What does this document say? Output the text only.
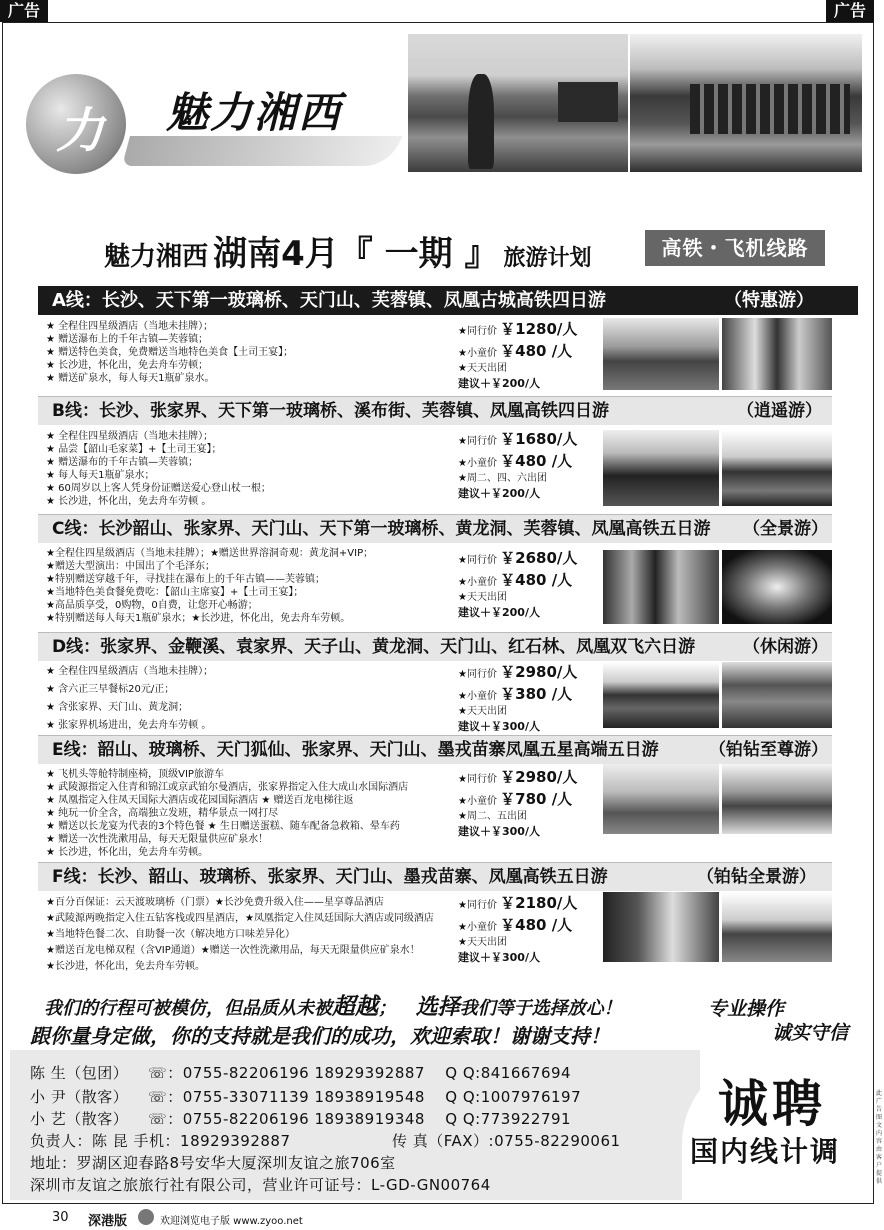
广告	广告
力 魅力湘西
魅力湘西 湖南4月『 一期 』 旅游计划	高铁・飞机线路
A线：长沙、天下第一玻璃桥、天门山、芙蓉镇、凤凰古城高铁四日游	（特惠游）
★ 全程住四星级酒店（当地未挂牌）；
★ 赠送瀑布上的千年古镇—芙蓉镇；
★ 赠送特色美食，免费赠送当地特色美食【土司王宴】；
★ 长沙进，怀化出，免去舟车劳顿；
★ 赠送矿泉水，每人每天1瓶矿泉水。
★同行价 ￥1280/人
★小童价 ￥480 /人
★天天出团
建议＋￥200/人
B线：长沙、张家界、天下第一玻璃桥、溪布街、芙蓉镇、凤凰高铁四日游	（逍遥游）
★ 全程住四星级酒店（当地未挂牌）；
★ 品尝【韶山毛家菜】+【土司王宴】；
★ 赠送瀑布的千年古镇—芙蓉镇；
★ 每人每天1瓶矿泉水；
★ 60周岁以上客人凭身份证赠送爱心登山杖一根；
★ 长沙进，怀化出，免去舟车劳顿 。
★同行价 ￥1680/人
★小童价 ￥480 /人
★周二、四、六出团
建议＋￥200/人
C线：长沙韶山、张家界、天门山、天下第一玻璃桥、黄龙洞、芙蓉镇、凤凰高铁五日游 （全景游）
★全程住四星级酒店（当地未挂牌）；★赠送世界溶洞奇观：黄龙洞+VIP；
★赠送大型演出：中国出了个毛泽东；
★特别赠送穿越千年，寻找挂在瀑布上的千年古镇——芙蓉镇；
★当地特色美食餐免费吃：【韶山主席宴】+【土司王宴】；
★高品质享受，0购物，0自费，让您开心畅游；
★特别赠送每人每天1瓶矿泉水；★长沙进，怀化出，免去舟车劳顿。
★同行价 ￥2680/人
★小童价 ￥480 /人
★天天出团
建议＋￥200/人
D线：张家界、金鞭溪、袁家界、天子山、黄龙洞、天门山、红石林、凤凰双飞六日游	（休闲游）
★ 全程住四星级酒店（当地未挂牌）；
★ 含六正三早餐标20元/正；
★ 含张家界、天门山、黄龙洞；
★ 张家界机场进出，免去舟车劳顿 。
★同行价 ￥2980/人
★小童价 ￥380 /人
★天天出团
建议＋￥300/人
E线：韶山、玻璃桥、天门狐仙、张家界、天门山、墨戎苗寨凤凰五星高端五日游	（铂钻至尊游）
★ 飞机头等舱特制座椅，顶级VIP旅游车
★ 武陵源指定入住青和锦江或京武铂尔曼酒店，张家界指定入住大成山水国际酒店
★ 凤凰指定入住凤天国际大酒店或花园国际酒店 ★ 赠送百龙电梯往返
★ 纯玩一价全含，高端独立发班，精华景点一网打尽
★ 赠送以长龙宴为代表的3个特色餐 ★ 生日赠送蛋糕、随车配备急救箱、晕车药
★ 赠送一次性洗漱用品，每天无限量供应矿泉水！
★ 长沙进，怀化出，免去舟车劳顿。
★同行价 ￥2980/人
★小童价 ￥780 /人
★周二、五出团
建议＋￥300/人
F线：长沙、韶山、玻璃桥、张家界、天门山、墨戎苗寨、凤凰高铁五日游	（铂钻全景游）
★百分百保证：云天渡玻璃桥（门票）★长沙免费升级入住——星享尊品酒店
★武陵源两晚指定入住五钻客栈或四星酒店，★凤凰指定入住凤廷国际大酒店或同级酒店
★当地特色餐二次、自助餐一次（解决地方口味差异化）
★赠送百龙电梯双程（含VIP通道）★赠送一次性洗漱用品，每天无限量供应矿泉水！
★长沙进，怀化出，免去舟车劳顿。
★同行价 ￥2180/人
★小童价 ￥480 /人
★天天出团
建议＋￥300/人
我们的行程可被模仿，但品质从未被超越； 选择我们等于选择放心！	专业操作
诚实守信
跟你量身定做，你的支持就是我们的成功，欢迎索取！谢谢支持！
诚聘
国内线计调
陈 生（包团） ☏：0755-82206196 18929392887 Q Q:841667694
小 尹（散客） ☏：0755-33071139 18938919548 Q Q:1007976197
小 艺（散客） ☏：0755-82206196 18938919348 Q Q:773922791
负责人：陈 昆 手机：18929392887	传 真（FAX）:0755-82290061
地址：罗湖区迎春路8号安华大厦深圳友谊之旅706室
深圳市友谊之旅旅行社有限公司，营业许可证号：L-GD-GN00764
此广告图文内容由客户提供
30 深港版	欢迎浏览电子版 www.zyoo.net
